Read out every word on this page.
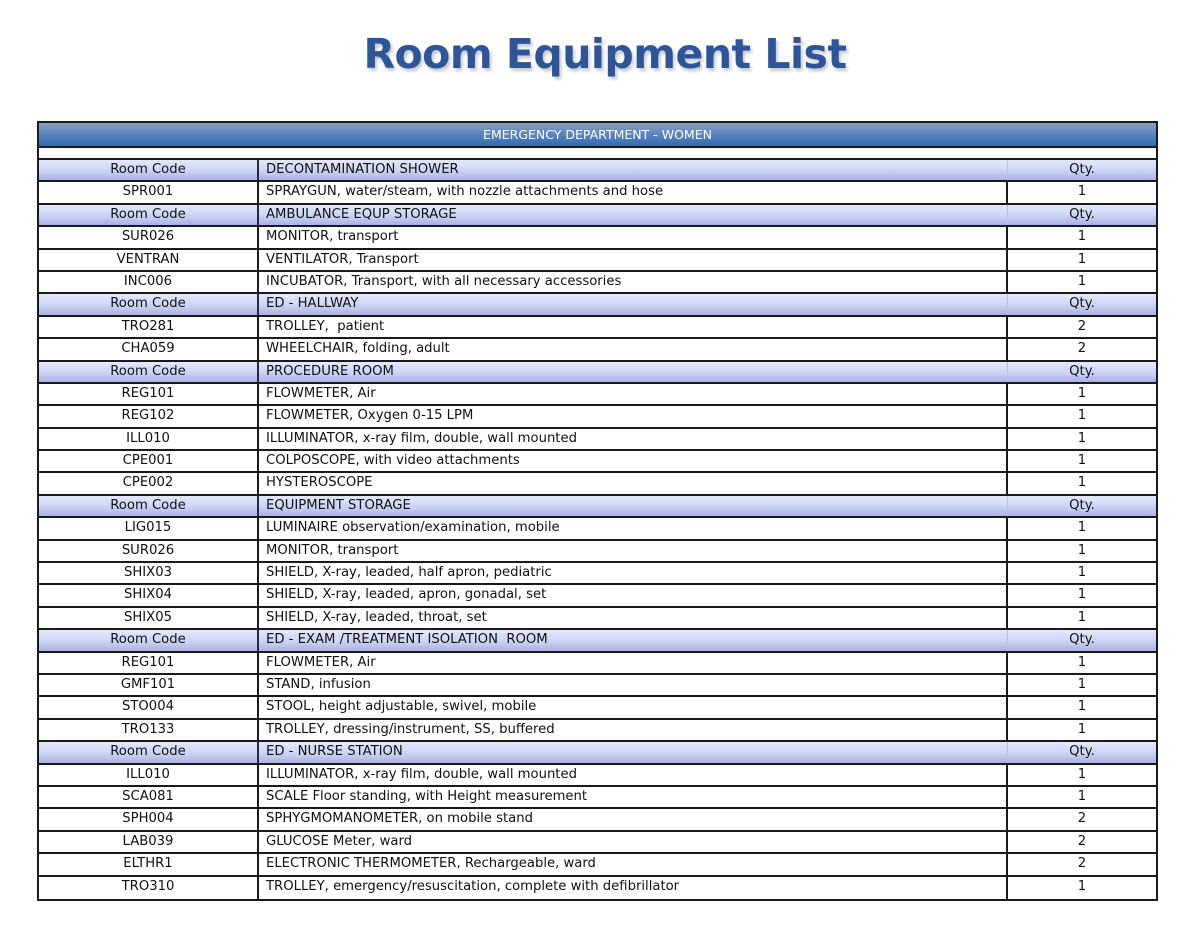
Room Equipment List
EMERGENCY DEPARTMENT - WOMEN
Room Code	DECONTAMINATION SHOWER	Qty.
SPR001	SPRAYGUN, water/steam, with nozzle attachments and hose	1
Room Code	AMBULANCE EQUP STORAGE	Qty.
SUR026	MONITOR, transport	1
VENTRAN	VENTILATOR, Transport	1
INC006	INCUBATOR, Transport, with all necessary accessories	1
Room Code	ED - HALLWAY	Qty.
TRO281	TROLLEY,  patient	2
CHA059	WHEELCHAIR, folding, adult	2
Room Code	PROCEDURE ROOM	Qty.
REG101	FLOWMETER, Air	1
REG102	FLOWMETER, Oxygen 0-15 LPM	1
ILL010	ILLUMINATOR, x-ray film, double, wall mounted	1
CPE001	COLPOSCOPE, with video attachments	1
CPE002	HYSTEROSCOPE	1
Room Code	EQUIPMENT STORAGE	Qty.
LIG015	LUMINAIRE observation/examination, mobile	1
SUR026	MONITOR, transport	1
SHIX03	SHIELD, X-ray, leaded, half apron, pediatric	1
SHIX04	SHIELD, X-ray, leaded, apron, gonadal, set	1
SHIX05	SHIELD, X-ray, leaded, throat, set	1
Room Code	ED - EXAM /TREATMENT ISOLATION  ROOM	Qty.
REG101	FLOWMETER, Air	1
GMF101	STAND, infusion	1
STO004	STOOL, height adjustable, swivel, mobile	1
TRO133	TROLLEY, dressing/instrument, SS, buffered	1
Room Code	ED - NURSE STATION	Qty.
ILL010	ILLUMINATOR, x-ray film, double, wall mounted	1
SCA081	SCALE Floor standing, with Height measurement	1
SPH004	SPHYGMOMANOMETER, on mobile stand	2
LAB039	GLUCOSE Meter, ward	2
ELTHR1	ELECTRONIC THERMOMETER, Rechargeable, ward	2
TRO310	TROLLEY, emergency/resuscitation, complete with defibrillator	1
